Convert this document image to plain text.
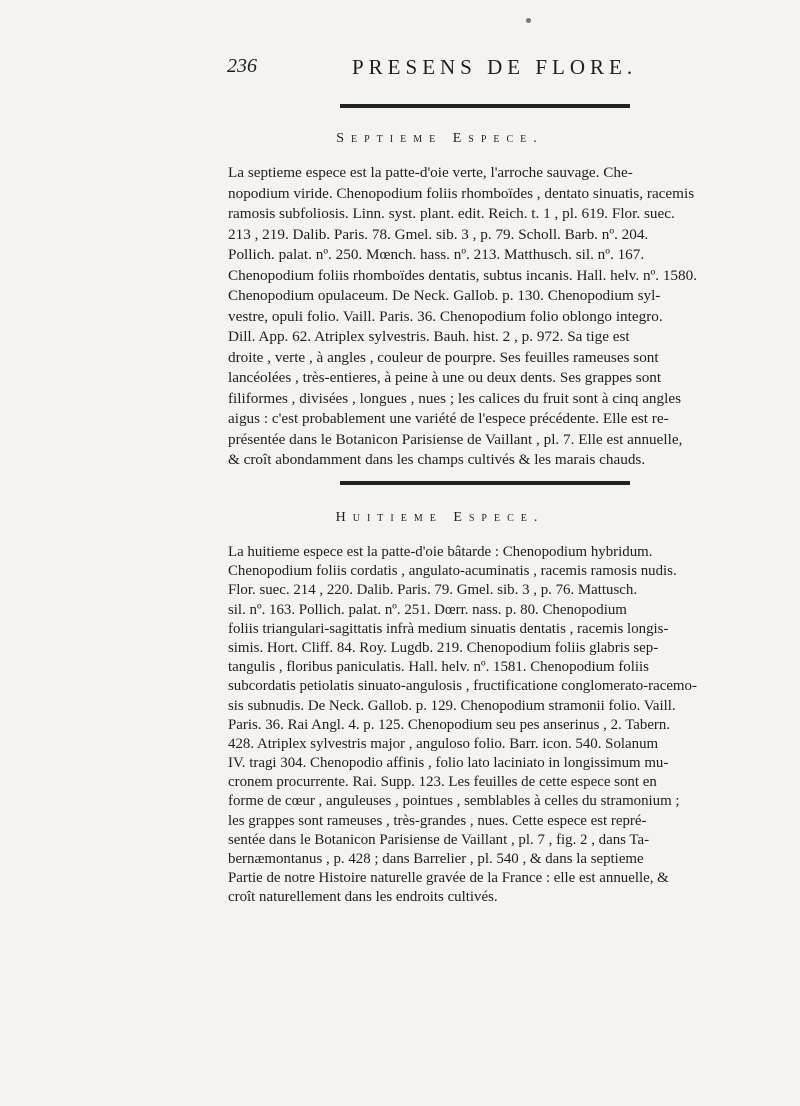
236	PRESENS DE FLORE.
Septieme Espece.
La septieme espece est la patte-d'oie verte, l'arroche sauvage. Che-
nopodium viride. Chenopodium foliis rhomboïdes , dentato sinuatis, racemis
ramosis subfoliosis. Linn. syst. plant. edit. Reich. t. 1 , pl. 619. Flor. suec.
213 , 219. Dalib. Paris. 78. Gmel. sib. 3 , p. 79. Scholl. Barb. nº. 204.
Pollich. palat. nº. 250. Mœnch. hass. nº. 213. Matthusch. sil. nº. 167.
Chenopodium foliis rhomboïdes dentatis, subtus incanis. Hall. helv. nº. 1580.
Chenopodium opulaceum. De Neck. Gallob. p. 130. Chenopodium syl-
vestre, opuli folio. Vaill. Paris. 36. Chenopodium folio oblongo integro.
Dill. App. 62. Atriplex sylvestris. Bauh. hist. 2 , p. 972. Sa tige est
droite , verte , à angles , couleur de pourpre. Ses feuilles rameuses sont
lancéolées , très-entieres, à peine à une ou deux dents. Ses grappes sont
filiformes , divisées , longues , nues ; les calices du fruit sont à cinq angles
aigus : c'est probablement une variété de l'espece précédente. Elle est re-
présentée dans le Botanicon Parisiense de Vaillant , pl. 7. Elle est annuelle,
& croît abondamment dans les champs cultivés & les marais chauds.
Huitieme Espece.
La huitieme espece est la patte-d'oie bâtarde : Chenopodium hybridum.
Chenopodium foliis cordatis , angulato-acuminatis , racemis ramosis nudis.
Flor. suec. 214 , 220. Dalib. Paris. 79. Gmel. sib. 3 , p. 76. Mattusch.
sil. nº. 163. Pollich. palat. nº. 251. Dœrr. nass. p. 80. Chenopodium
foliis triangulari-sagittatis infrà medium sinuatis dentatis , racemis longis-
simis. Hort. Cliff. 84. Roy. Lugdb. 219. Chenopodium foliis glabris sep-
tangulis , floribus paniculatis. Hall. helv. nº. 1581. Chenopodium foliis
subcordatis petiolatis sinuato-angulosis , fructificatione conglomerato-racemo-
sis subnudis. De Neck. Gallob. p. 129. Chenopodium stramonii folio. Vaill.
Paris. 36. Rai Angl. 4. p. 125. Chenopodium seu pes anserinus , 2. Tabern.
428. Atriplex sylvestris major , anguloso folio. Barr. icon. 540. Solanum
IV. tragi 304. Chenopodio affinis , folio lato laciniato in longissimum mu-
cronem procurrente. Rai. Supp. 123. Les feuilles de cette espece sont en
forme de cœur , anguleuses , pointues , semblables à celles du stramonium ;
les grappes sont rameuses , très-grandes , nues. Cette espece est repré-
sentée dans le Botanicon Parisiense de Vaillant , pl. 7 , fig. 2 , dans Ta-
bernæmontanus , p. 428 ; dans Barrelier , pl. 540 , & dans la septieme
Partie de notre Histoire naturelle gravée de la France : elle est annuelle, &
croît naturellement dans les endroits cultivés.
